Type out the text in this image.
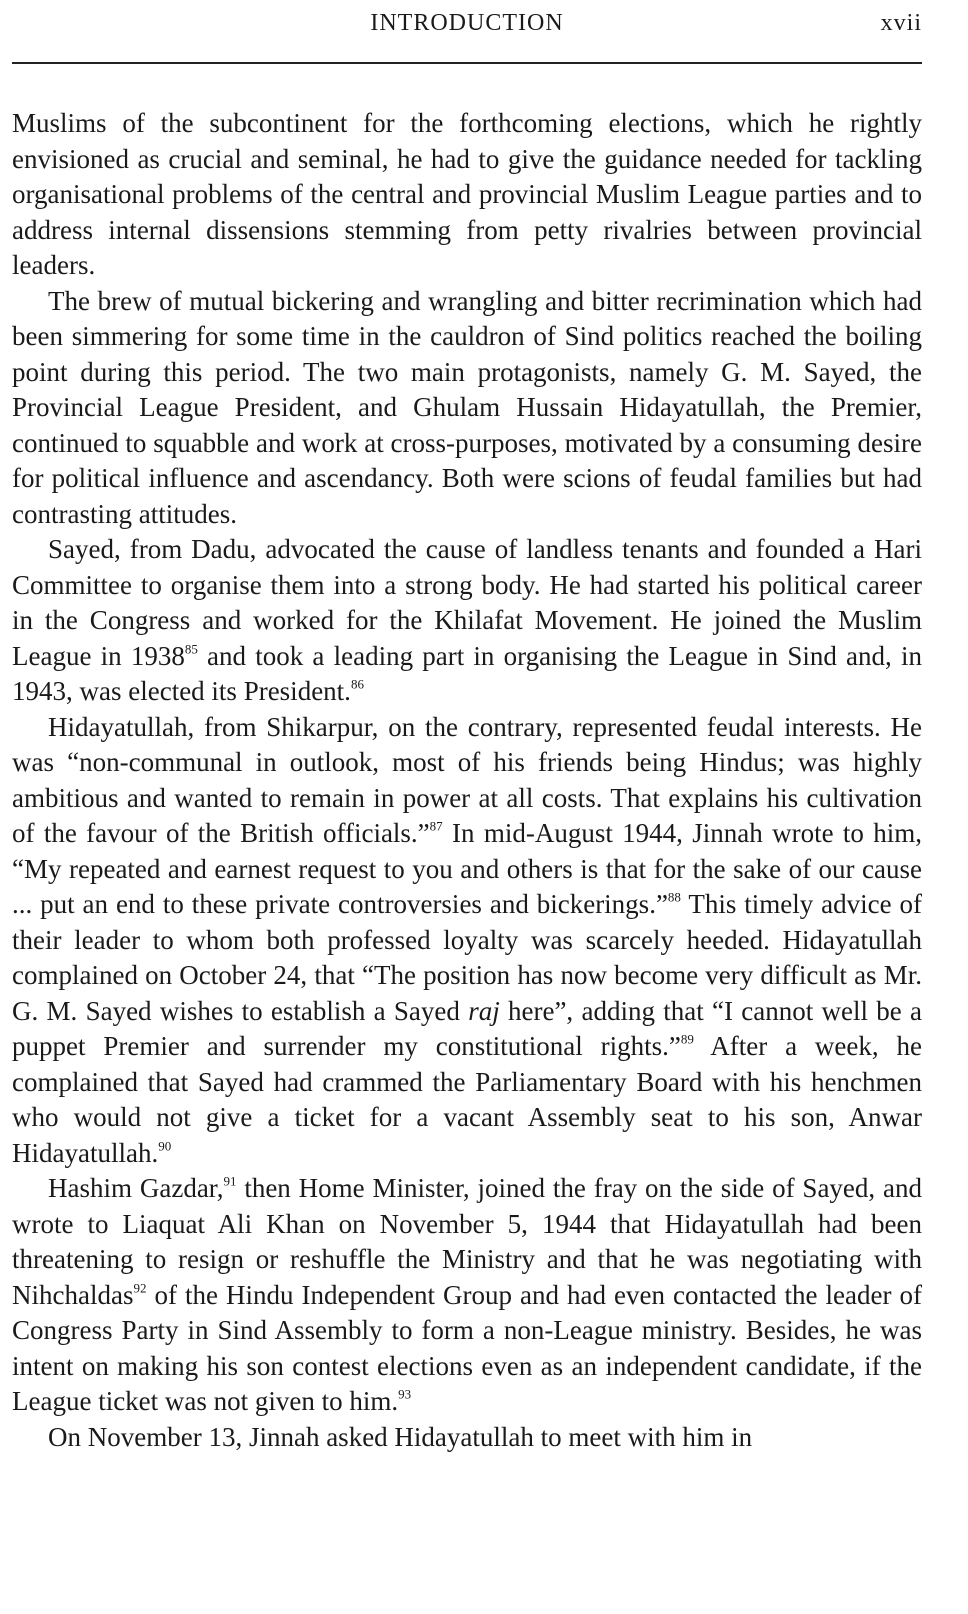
INTRODUCTION	xvii

Muslims of the subcontinent for the forthcoming elections, which he rightly envisioned as crucial and seminal, he had to give the guidance needed for tackling organisational problems of the central and provincial Muslim League parties and to address internal dissensions stemming from petty rivalries between provincial leaders.

The brew of mutual bickering and wrangling and bitter recrimination which had been simmering for some time in the cauldron of Sind politics reached the boiling point during this period. The two main protagonists, namely G. M. Sayed, the Provincial League President, and Ghulam Hussain Hidayatullah, the Premier, continued to squabble and work at cross-purposes, motivated by a consuming desire for political influence and ascendancy. Both were scions of feudal families but had contrasting attitudes.

Sayed, from Dadu, advocated the cause of landless tenants and founded a Hari Committee to organise them into a strong body. He had started his political career in the Congress and worked for the Khilafat Movement. He joined the Muslim League in 1938$^{85}$ and took a leading part in organising the League in Sind and, in 1943, was elected its President.$^{86}$

Hidayatullah, from Shikarpur, on the contrary, represented feudal interests. He was “non-communal in outlook, most of his friends being Hindus; was highly ambitious and wanted to remain in power at all costs. That explains his cultivation of the favour of the British officials.”$^{87}$ In mid-August 1944, Jinnah wrote to him, “My repeated and earnest request to you and others is that for the sake of our cause ... put an end to these private controversies and bickerings.”$^{88}$ This timely advice of their leader to whom both professed loyalty was scarcely heeded. Hidayatullah complained on October 24, that “The position has now become very difficult as Mr. G. M. Sayed wishes to establish a Sayed raj here”, adding that “I cannot well be a puppet Premier and surrender my constitutional rights.”$^{89}$ After a week, he complained that Sayed had crammed the Parliamentary Board with his henchmen who would not give a ticket for a vacant Assembly seat to his son, Anwar Hidayatullah.$^{90}$

Hashim Gazdar,$^{91}$ then Home Minister, joined the fray on the side of Sayed, and wrote to Liaquat Ali Khan on November 5, 1944 that Hidayatullah had been threatening to resign or reshuffle the Ministry and that he was negotiating with Nihchaldas$^{92}$ of the Hindu Independent Group and had even contacted the leader of Congress Party in Sind Assembly to form a non-League ministry. Besides, he was intent on making his son contest elections even as an independent candidate, if the League ticket was not given to him.$^{93}$

On November 13, Jinnah asked Hidayatullah to meet with him in
